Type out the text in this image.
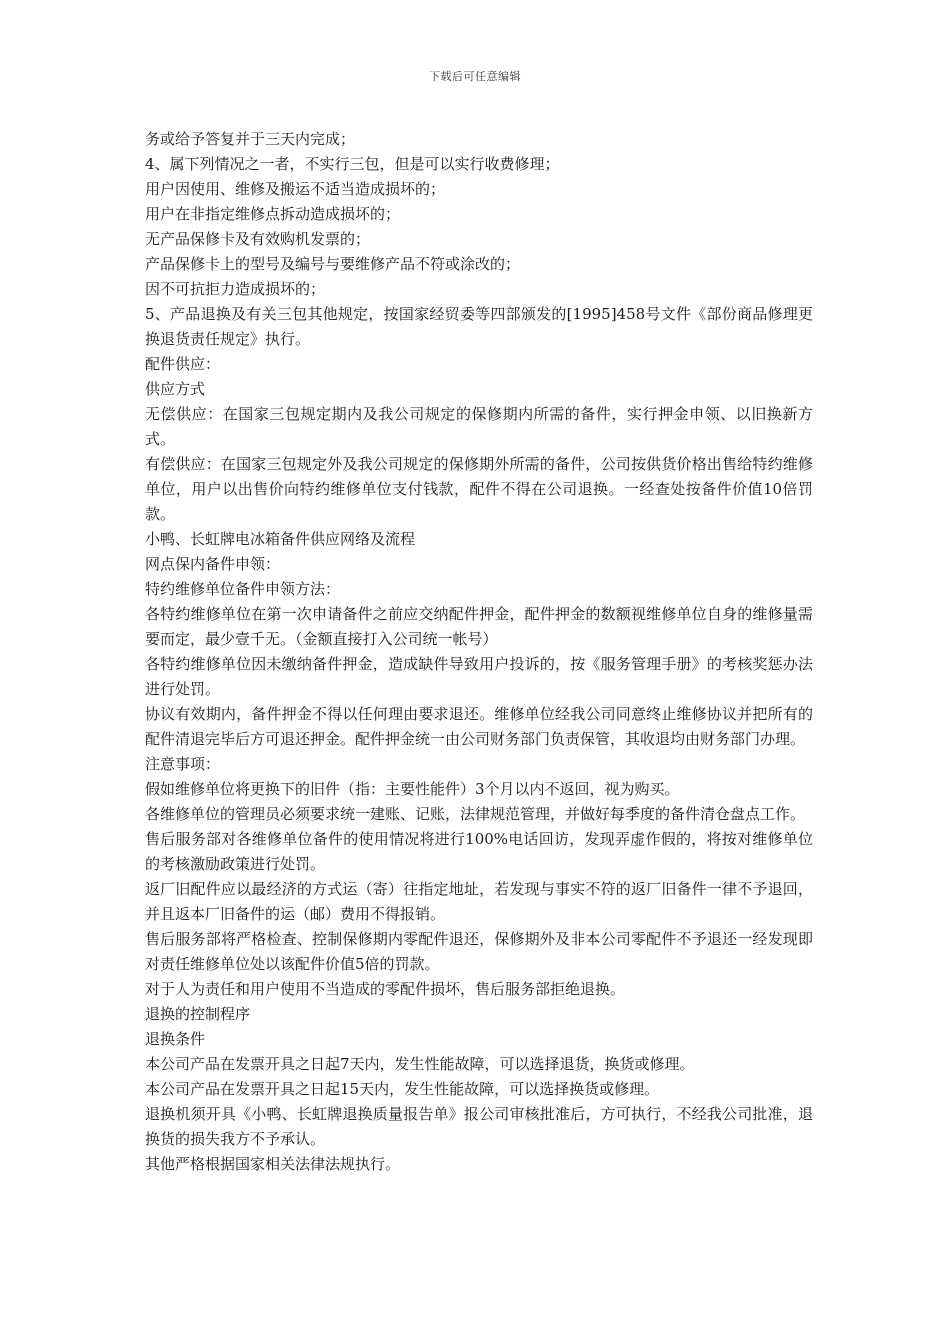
下载后可任意编辑

务或给予答复并于三天内完成；

4、属下列情况之一者，不实行三包，但是可以实行收费修理；

用户因使用、维修及搬运不适当造成损坏的；

用户在非指定维修点拆动造成损坏的；

无产品保修卡及有效购机发票的；

产品保修卡上的型号及编号与要维修产品不符或涂改的；

因不可抗拒力造成损坏的；

5、产品退换及有关三包其他规定，按国家经贸委等四部颁发的[1995]458号文件《部份商品修理更换退货责任规定》执行。

配件供应：

供应方式

无偿供应：在国家三包规定期内及我公司规定的保修期内所需的备件，实行押金申领、以旧换新方式。

有偿供应：在国家三包规定外及我公司规定的保修期外所需的备件，公司按供货价格出售给特约维修单位，用户以出售价向特约维修单位支付钱款，配件不得在公司退换。一经查处按备件价值10倍罚款。

小鸭、长虹牌电冰箱备件供应网络及流程

网点保内备件申领：

特约维修单位备件申领方法：

各特约维修单位在第一次申请备件之前应交纳配件押金，配件押金的数额视维修单位自身的维修量需要而定，最少壹千无。（金额直接打入公司统一帐号）

各特约维修单位因未缴纳备件押金，造成缺件导致用户投诉的，按《服务管理手册》的考核奖惩办法进行处罚。

协议有效期内，备件押金不得以任何理由要求退还。维修单位经我公司同意终止维修协议并把所有的配件清退完毕后方可退还押金。配件押金统一由公司财务部门负责保管，其收退均由财务部门办理。

注意事项：

假如维修单位将更换下的旧件（指：主要性能件）3个月以内不返回，视为购买。

各维修单位的管理员必须要求统一建账、记账，法律规范管理，并做好每季度的备件清仓盘点工作。

售后服务部对各维修单位备件的使用情况将进行100%电话回访，发现弄虚作假的，将按对维修单位的考核激励政策进行处罚。

返厂旧配件应以最经济的方式运（寄）往指定地址，若发现与事实不符的返厂旧备件一律不予退回，并且返本厂旧备件的运（邮）费用不得报销。

售后服务部将严格检查、控制保修期内零配件退还，保修期外及非本公司零配件不予退还一经发现即对责任维修单位处以该配件价值5倍的罚款。

对于人为责任和用户使用不当造成的零配件损坏，售后服务部拒绝退换。

退换的控制程序

退换条件

本公司产品在发票开具之日起7天内，发生性能故障，可以选择退货，换货或修理。

本公司产品在发票开具之日起15天内，发生性能故障，可以选择换货或修理。

退换机须开具《小鸭、长虹牌退换质量报告单》报公司审核批准后，方可执行，不经我公司批准，退换货的损失我方不予承认。

其他严格根据国家相关法律法规执行。
